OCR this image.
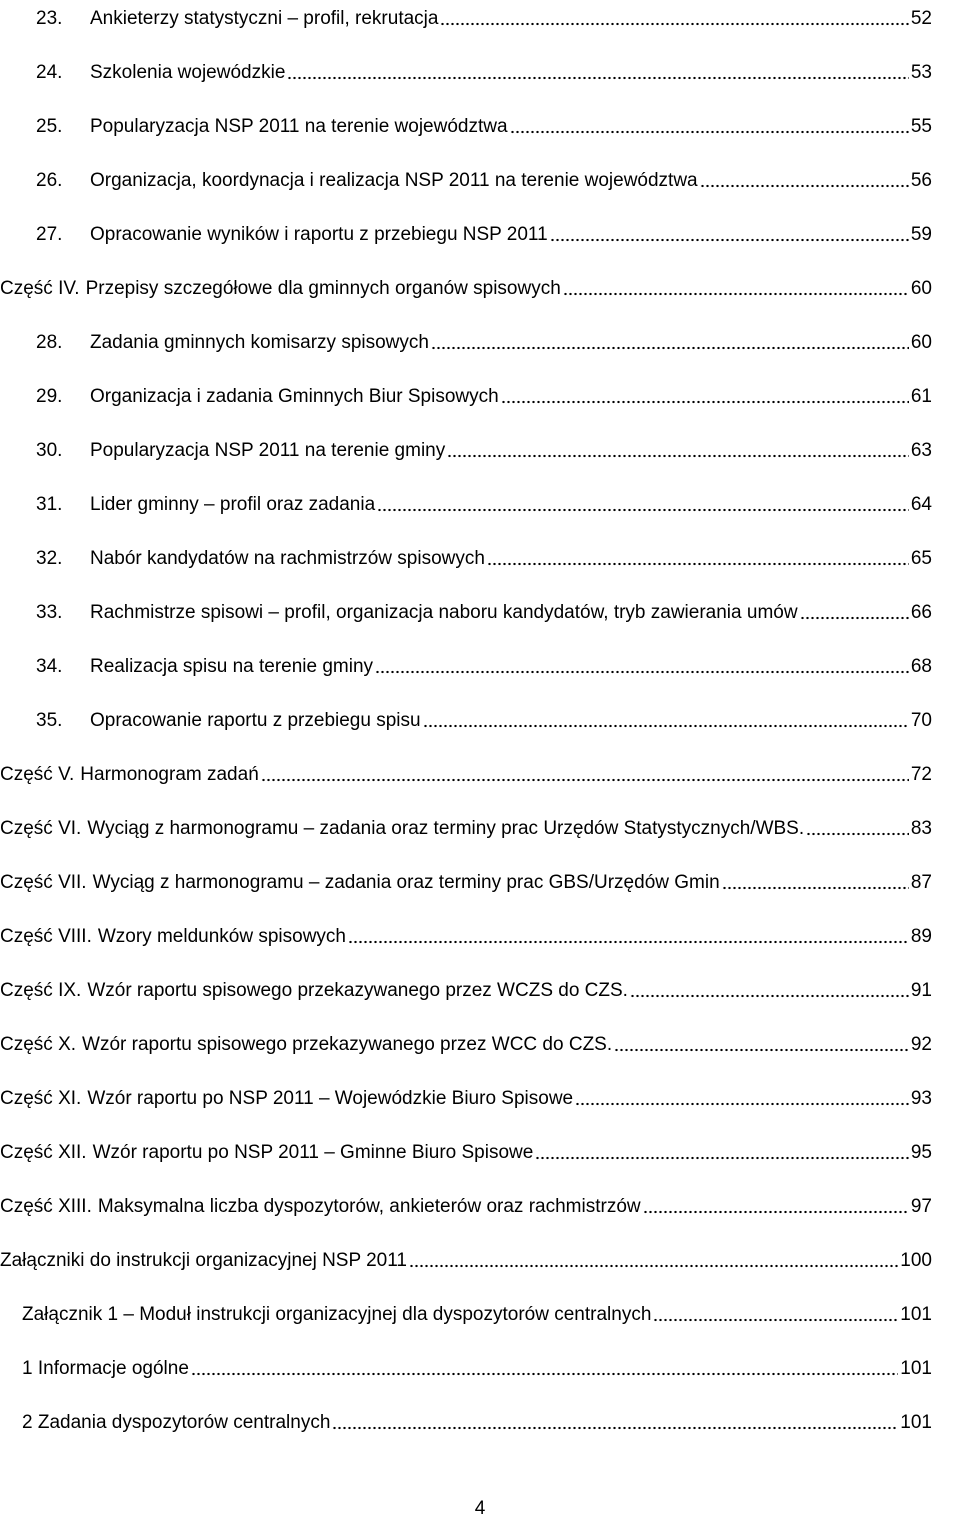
23.	Ankieterzy statystyczni – profil, rekrutacja	52
24.	Szkolenia wojewódzkie	53
25.	Popularyzacja NSP 2011 na terenie województwa	55
26.	Organizacja, koordynacja i realizacja NSP 2011 na terenie województwa	56
27.	Opracowanie wyników i raportu z przebiegu NSP 2011	59
Część IV. Przepisy szczegółowe dla gminnych organów spisowych	60
28.	Zadania gminnych komisarzy spisowych	60
29.	Organizacja i zadania Gminnych Biur Spisowych	61
30.	Popularyzacja NSP 2011 na terenie gminy	63
31.	Lider gminny – profil oraz zadania	64
32.	Nabór kandydatów na rachmistrzów spisowych	65
33.	Rachmistrze spisowi – profil, organizacja naboru kandydatów, tryb zawierania umów	66
34.	Realizacja spisu na terenie gminy	68
35.	Opracowanie raportu z przebiegu spisu	70
Część V. Harmonogram zadań	72
Część VI. Wyciąg z harmonogramu – zadania oraz terminy prac Urzędów Statystycznych/WBS.	83
Część VII. Wyciąg z harmonogramu – zadania oraz terminy prac GBS/Urzędów Gmin	87
Część VIII. Wzory meldunków spisowych	89
Część IX. Wzór raportu spisowego przekazywanego przez WCZS do CZS.	91
Część X. Wzór raportu spisowego przekazywanego przez WCC do CZS.	92
Część XI. Wzór raportu po NSP 2011 – Wojewódzkie Biuro Spisowe	93
Część XII. Wzór raportu po NSP 2011 – Gminne Biuro Spisowe	95
Część XIII. Maksymalna liczba dyspozytorów, ankieterów oraz rachmistrzów	97
Załączniki do instrukcji organizacyjnej NSP 2011	100
Załącznik 1 – Moduł instrukcji organizacyjnej dla dyspozytorów centralnych	101
1 Informacje ogólne	101
2 Zadania dyspozytorów centralnych	101
4
